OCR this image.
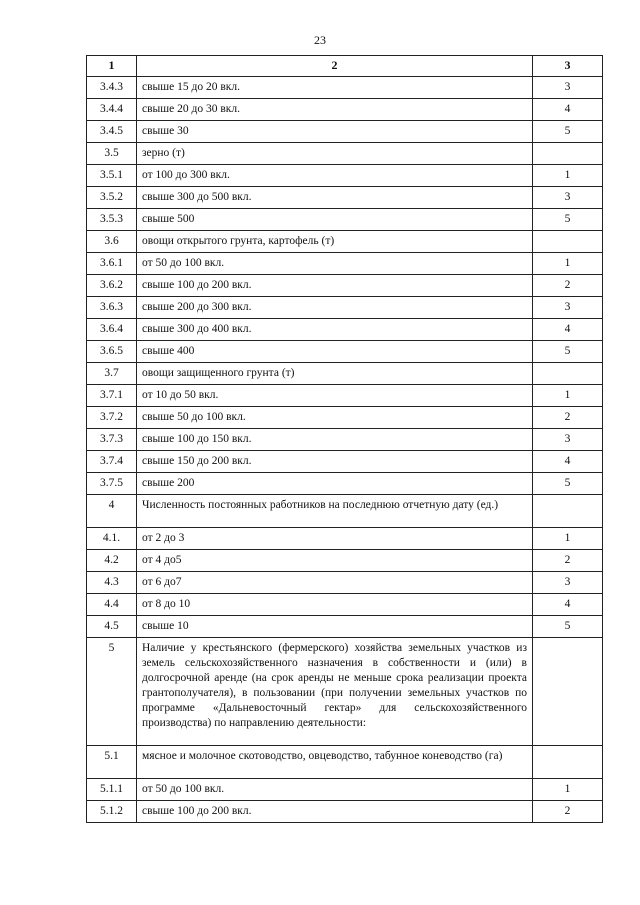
23
1	2	3
3.4.3	свыше 15 до 20 вкл.	3
3.4.4	свыше 20 до 30 вкл.	4
3.4.5	свыше 30	5
3.5	зерно (т)	
3.5.1	от 100 до 300 вкл.	1
3.5.2	свыше 300 до 500 вкл.	3
3.5.3	свыше 500	5
3.6	овощи открытого грунта, картофель (т)	
3.6.1	от 50 до 100 вкл.	1
3.6.2	свыше 100 до 200 вкл.	2
3.6.3	свыше 200 до 300 вкл.	3
3.6.4	свыше 300 до 400 вкл.	4
3.6.5	свыше 400	5
3.7	овощи защищенного грунта (т)	
3.7.1	от 10 до 50 вкл.	1
3.7.2	свыше 50 до 100 вкл.	2
3.7.3	свыше 100 до 150 вкл.	3
3.7.4	свыше 150 до 200 вкл.	4
3.7.5	свыше 200	5
4	Численность постоянных работников на последнюю отчетную дату (ед.)	
4.1.	от 2 до 3	1
4.2	от 4 до5	2
4.3	от 6 до7	3
4.4	от 8 до 10	4
4.5	свыше 10	5
5	Наличие у крестьянского (фермерского) хозяйства земельных участков из земель сельскохозяйственного назначения в собственности и (или) в долгосрочной аренде (на срок аренды не меньше срока реализации проекта грантополучателя), в пользовании (при получении земельных участков по программе «Дальневосточный гектар» для сельскохозяйственного производства) по направлению деятельности:	
5.1	мясное и молочное скотоводство, овцеводство, табунное коневодство (га)	
5.1.1	от 50 до 100 вкл.	1
5.1.2	свыше 100 до 200 вкл.	2
